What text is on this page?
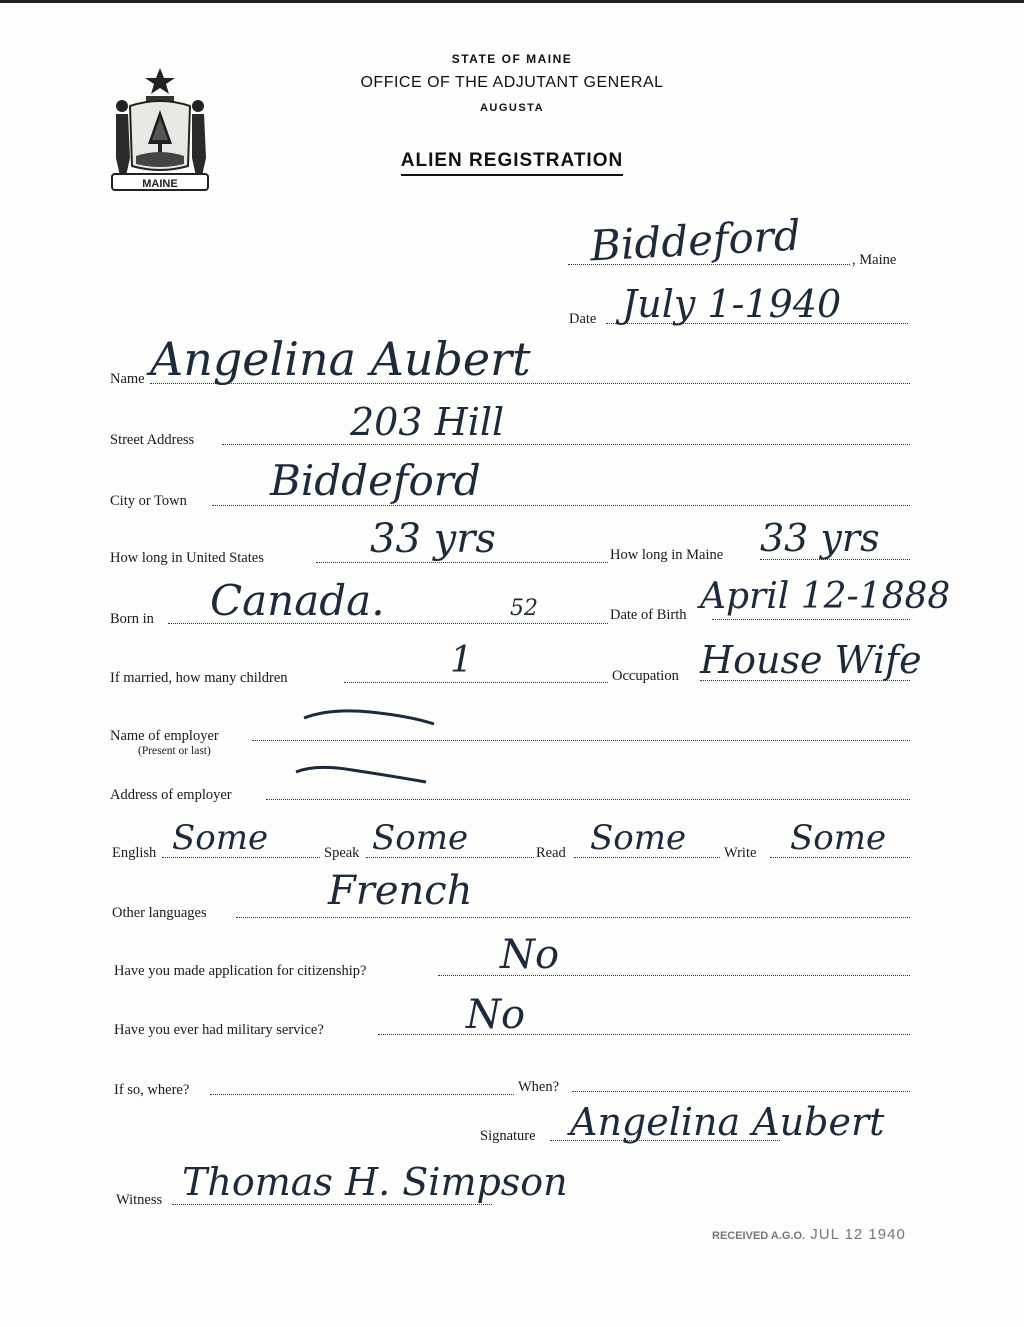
MAINE
STATE OF MAINE
OFFICE OF THE ADJUTANT GENERAL
AUGUSTA
ALIEN REGISTRATION
, Maine
Biddeford
Date July 1-1940
Name Angelina Aubert
Street Address	203 Hill
City or Town Biddeford
How long in United States	33 yrs	How long in Maine 33 yrs
Born in Canada.	52	Date of Birth April 12-1888
If married, how many children	1	Occupation House Wife
Name of employer
(Present or last)
Address of employer
English Some	Speak Some	Read Some	Write Some
Other languages	French
Have you made application for citizenship?	No
Have you ever had military service?	No
If so, where?	When?
Signature Angelina Aubert
Witness Thomas H. Simpson
RECEIVED A.G.O. JUL 12 1940
